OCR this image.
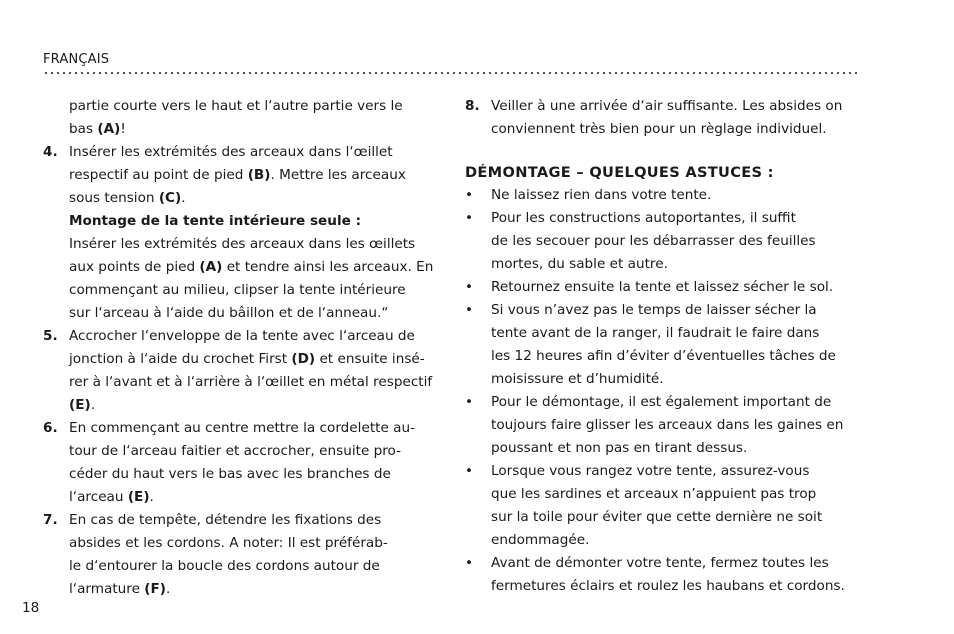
FRANÇAIS
partie courte vers le haut et l‘autre partie vers le
bas (A)!
4. Insérer les extrémités des arceaux dans l‘œillet
respectif au point de pied (B). Mettre les arceaux
sous tension (C).
Montage de la tente intérieure seule :
Insérer les extrémités des arceaux dans les œillets
aux points de pied (A) et tendre ainsi les arceaux. En
commençant au milieu, clipser la tente intérieure
sur l‘arceau à l‘aide du bâillon et de l‘anneau.“
5. Accrocher l‘enveloppe de la tente avec l‘arceau de
jonction à l‘aide du crochet First (D) et ensuite insé-
rer à l‘avant et à l‘arrière à l‘œillet en métal respectif
(E).
6. En commençant au centre mettre la cordelette au-
tour de l‘arceau faitier et accrocher, ensuite pro-
céder du haut vers le bas avec les branches de
l‘arceau (E).
7. En cas de tempête, détendre les fixations des
absides et les cordons. A noter: Il est préférab-
le d‘entourer la boucle des cordons autour de
l‘armature (F).
8. Veiller à une arrivée d‘air suffisante. Les absides on
conviennent très bien pour un règlage individuel.
DÉMONTAGE – QUELQUES ASTUCES :
• Ne laissez rien dans votre tente.
• Pour les constructions autoportantes, il suffit
de les secouer pour les débarrasser des feuilles
mortes, du sable et autre.
• Retournez ensuite la tente et laissez sécher le sol.
• Si vous n’avez pas le temps de laisser sécher la
tente avant de la ranger, il faudrait le faire dans
les 12 heures afin d’éviter d’éventuelles tâches de
moisissure et d’humidité.
• Pour le démontage, il est également important de
toujours faire glisser les arceaux dans les gaines en
poussant et non pas en tirant dessus.
• Lorsque vous rangez votre tente, assurez-vous
que les sardines et arceaux n’appuient pas trop
sur la toile pour éviter que cette dernière ne soit
endommagée.
• Avant de démonter votre tente, fermez toutes les
fermetures éclairs et roulez les haubans et cordons.
18
